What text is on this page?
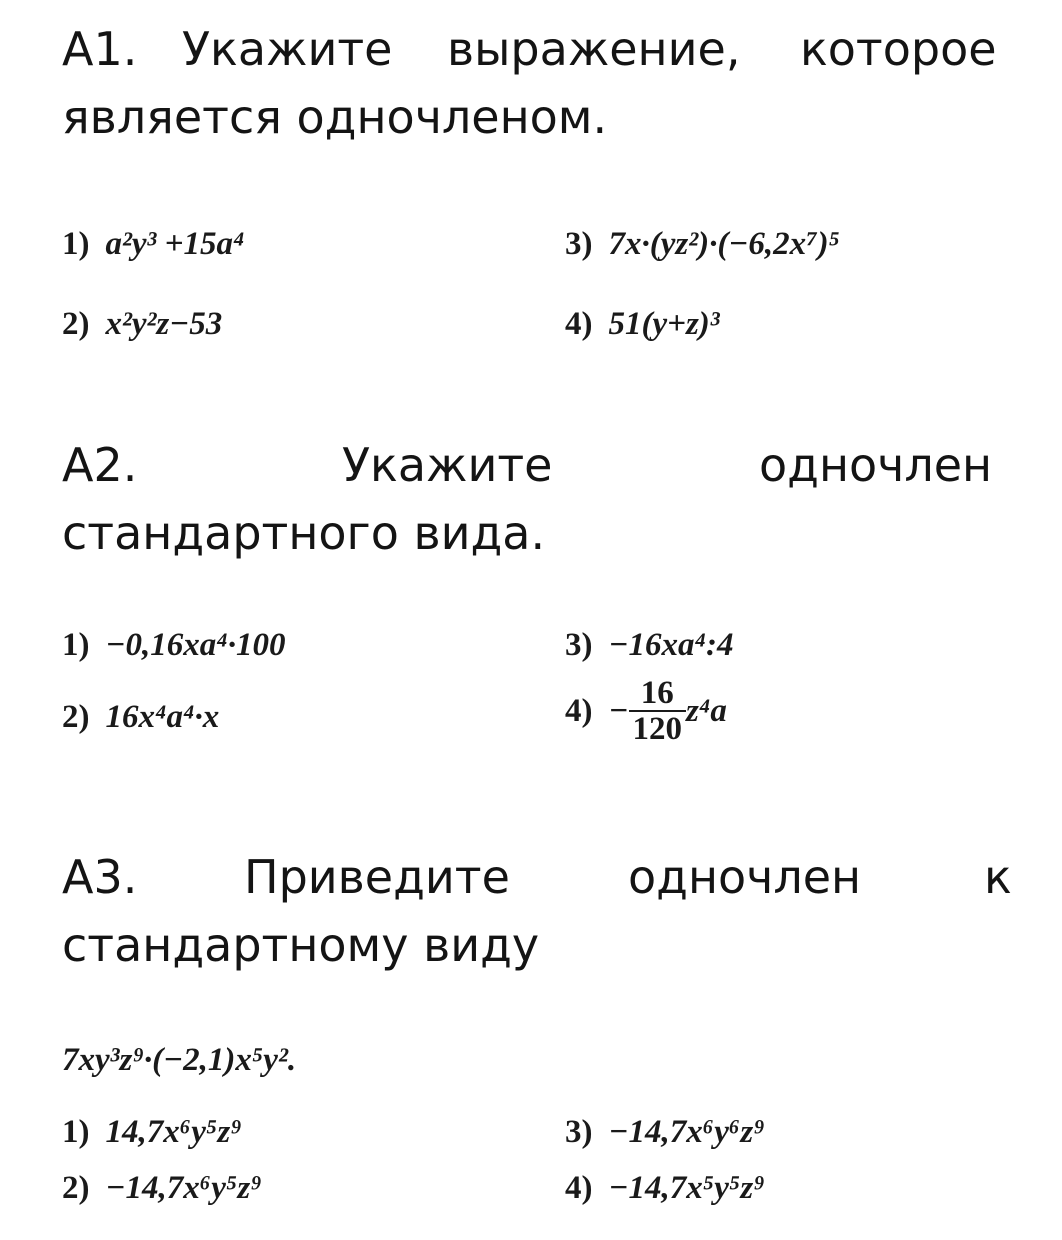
А1. Укажите выражение, которое
является одночленом.
1) a²y³ +15a⁴
2) x²y²z−53
3) 7x·(yz²)·(−6,2x⁷)⁵
4) 51(y+z)³
А2.	Укажите	одночлен
стандартного вида.
1) −0,16xa⁴·100
2) 16x⁴a⁴·x
3) −16xa⁴:4
$4) - \frac{16}{120} z^4a$
А3. Приведите	одночлен	к
стандартному виду
7xy³z⁹·(−2,1)x⁵y².
1) 14,7x⁶y⁵z⁹
2) −14,7x⁶y⁵z⁹
3) −14,7x⁶y⁶z⁹
4) −14,7x⁵y⁵z⁹
